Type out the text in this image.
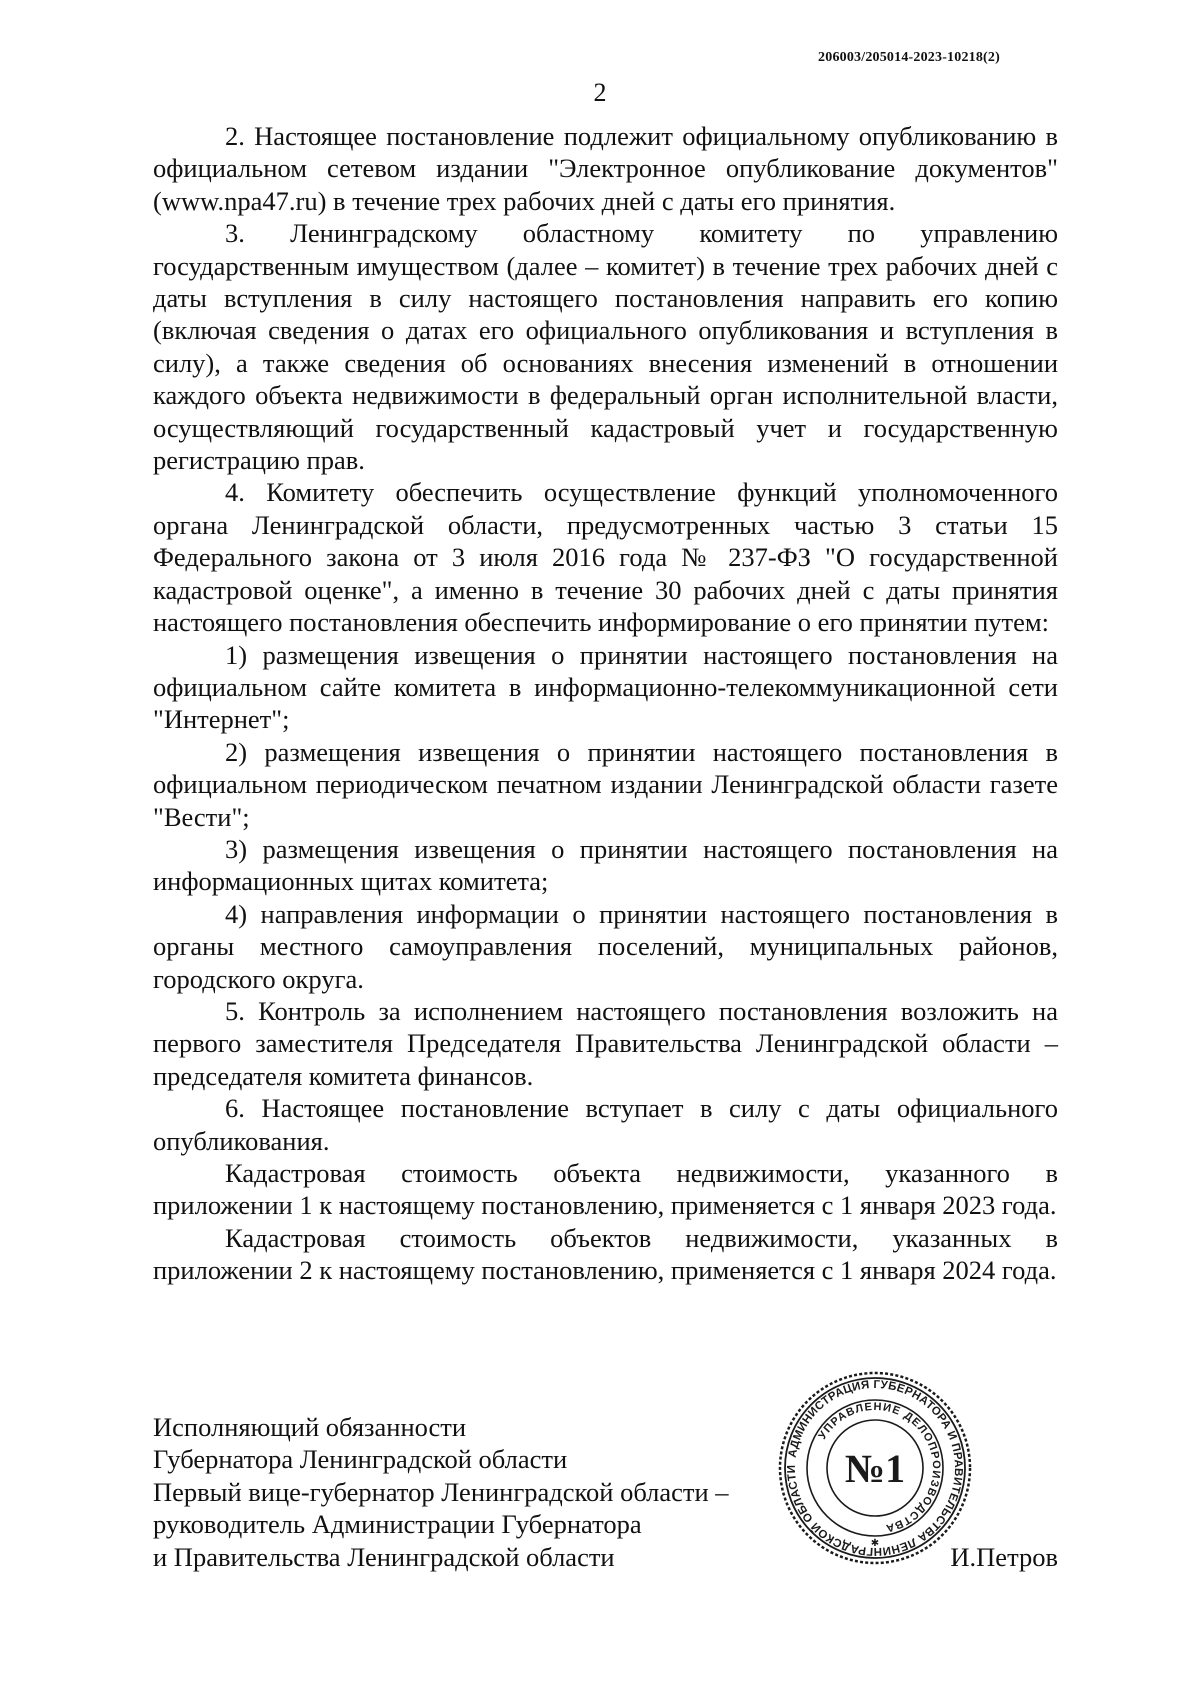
206003/205014-2023-10218(2)
2

2. Настоящее постановление подлежит официальному опубликованию в официальном сетевом издании "Электронное опубликование документов" (www.npa47.ru) в течение трех рабочих дней с даты его принятия.

3. Ленинградскому областному комитету по управлению государственным имуществом (далее – комитет) в течение трех рабочих дней с даты вступления в силу настоящего постановления направить его копию (включая сведения о датах его официального опубликования и вступления в силу), а также сведения об основаниях внесения изменений в отношении каждого объекта недвижимости в федеральный орган исполнительной власти, осуществляющий государственный кадастровый учет и государственную регистрацию прав.

4. Комитету обеспечить осуществление функций уполномоченного органа Ленинградской области, предусмотренных частью 3 статьи 15 Федерального закона от 3 июля 2016 года № 237-ФЗ "О государственной кадастровой оценке", а именно в течение 30 рабочих дней с даты принятия настоящего постановления обеспечить информирование о его принятии путем:

1) размещения извещения о принятии настоящего постановления на официальном сайте комитета в информационно-телекоммуникационной сети "Интернет";

2) размещения извещения о принятии настоящего постановления в официальном периодическом печатном издании Ленинградской области газете "Вести";

3) размещения извещения о принятии настоящего постановления на информационных щитах комитета;

4) направления информации о принятии настоящего постановления в органы местного самоуправления поселений, муниципальных районов, городского округа.

5. Контроль за исполнением настоящего постановления возложить на первого заместителя Председателя Правительства Ленинградской области – председателя комитета финансов.

6. Настоящее постановление вступает в силу с даты официального опубликования.

Кадастровая стоимость объекта недвижимости, указанного в приложении 1 к настоящему постановлению, применяется с 1 января 2023 года.

Кадастровая стоимость объектов недвижимости, указанных в приложении 2 к настоящему постановлению, применяется с 1 января 2024 года.

Исполняющий обязанности
Губернатора Ленинградской области
Первый вице-губернатор Ленинградской области –
руководитель Администрации Губернатора
и Правительства Ленинградской области	И.Петров
АДМИНИСТРАЦИЯ ГУБЕРНАТОРА И ПРАВИТЕЛЬСТВА ЛЕНИНГРАДСКОЙ ОБЛАСТИ
УПРАВЛЕНИЕ ДЕЛОПРОИЗВОДСТВА
№1
✱
